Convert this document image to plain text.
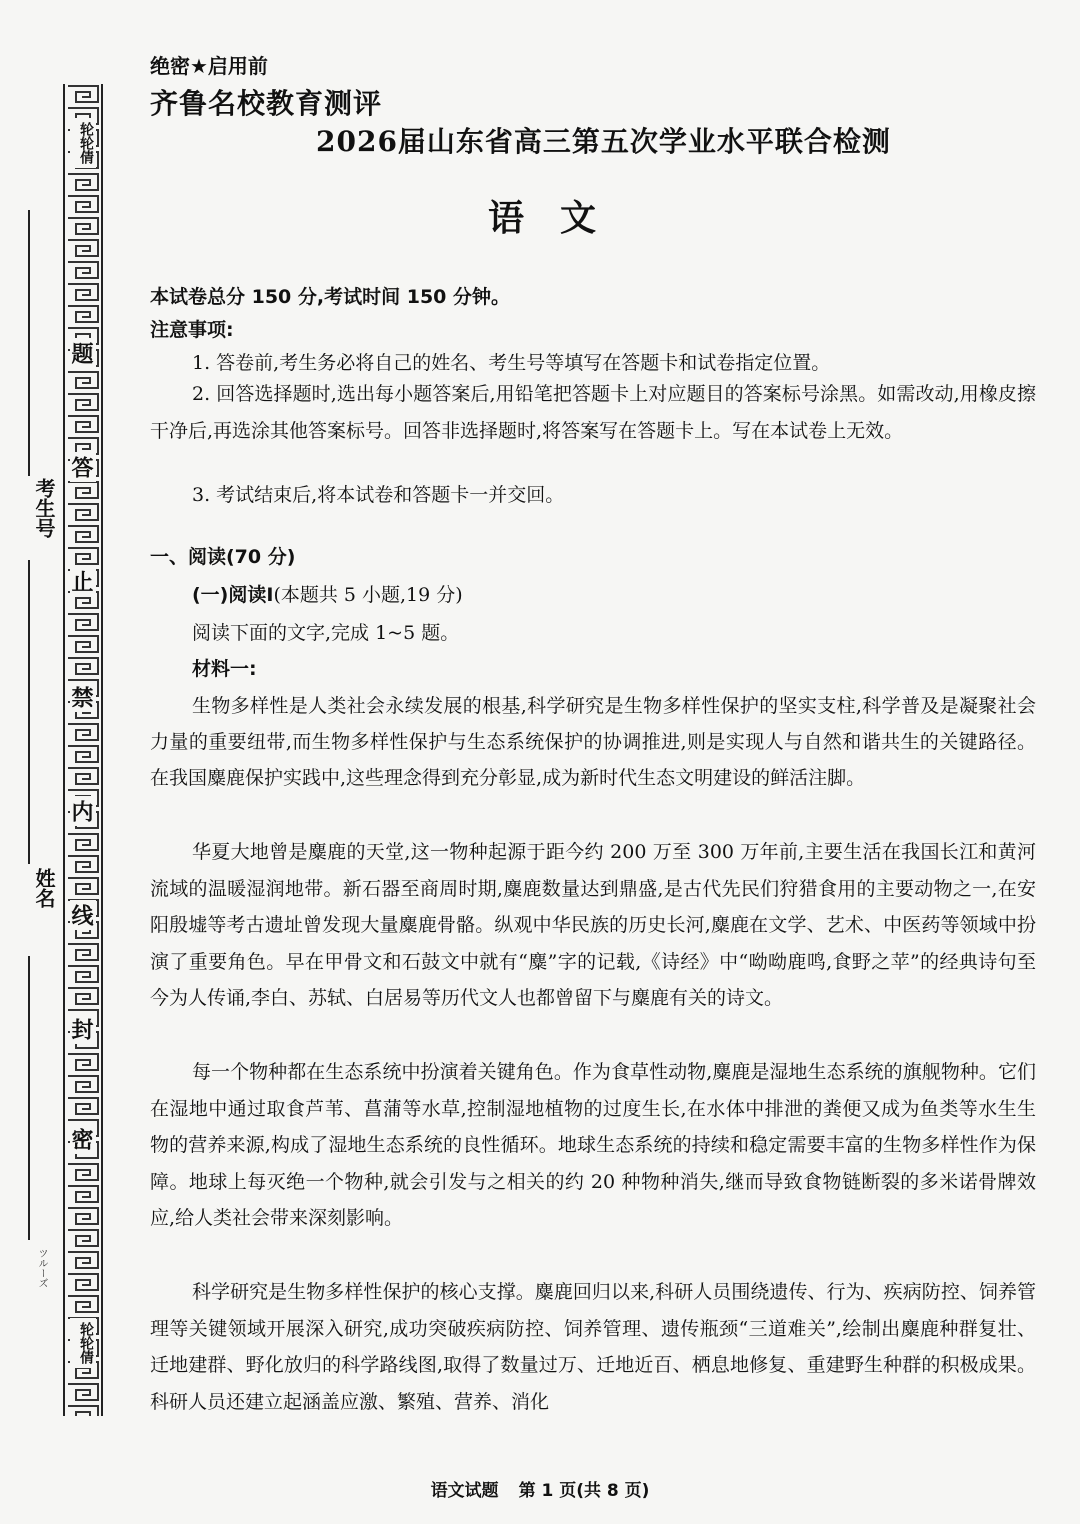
轮轮倩
轮轮倩
题
答
止
禁
内
线
封
密
考生号
姓名
ツルーズ
绝密★启用前
齐鲁名校教育测评
2026届山东省高三第五次学业水平联合检测
语文
本试卷总分 150 分,考试时间 150 分钟。
注意事项:
1. 答卷前,考生务必将自己的姓名、考生号等填写在答题卡和试卷指定位置。
2. 回答选择题时,选出每小题答案后,用铅笔把答题卡上对应题目的答案标号涂黑。如需改动,用橡皮擦干净后,再选涂其他答案标号。回答非选择题时,将答案写在答题卡上。写在本试卷上无效。
3. 考试结束后,将本试卷和答题卡一并交回。
一、阅读(70 分)
(一)阅读Ⅰ(本题共 5 小题,19 分)
阅读下面的文字,完成 1~5 题。
材料一:
生物多样性是人类社会永续发展的根基,科学研究是生物多样性保护的坚实支柱,科学普及是凝聚社会力量的重要纽带,而生物多样性保护与生态系统保护的协调推进,则是实现人与自然和谐共生的关键路径。在我国麋鹿保护实践中,这些理念得到充分彰显,成为新时代生态文明建设的鲜活注脚。
华夏大地曾是麋鹿的天堂,这一物种起源于距今约 200 万至 300 万年前,主要生活在我国长江和黄河流域的温暖湿润地带。新石器至商周时期,麋鹿数量达到鼎盛,是古代先民们狩猎食用的主要动物之一,在安阳殷墟等考古遗址曾发现大量麋鹿骨骼。纵观中华民族的历史长河,麋鹿在文学、艺术、中医药等领域中扮演了重要角色。早在甲骨文和石鼓文中就有“麋”字的记载,《诗经》中“呦呦鹿鸣,食野之苹”的经典诗句至今为人传诵,李白、苏轼、白居易等历代文人也都曾留下与麋鹿有关的诗文。
每一个物种都在生态系统中扮演着关键角色。作为食草性动物,麋鹿是湿地生态系统的旗舰物种。它们在湿地中通过取食芦苇、菖蒲等水草,控制湿地植物的过度生长,在水体中排泄的粪便又成为鱼类等水生生物的营养来源,构成了湿地生态系统的良性循环。地球生态系统的持续和稳定需要丰富的生物多样性作为保障。地球上每灭绝一个物种,就会引发与之相关的约 20 种物种消失,继而导致食物链断裂的多米诺骨牌效应,给人类社会带来深刻影响。
科学研究是生物多样性保护的核心支撑。麋鹿回归以来,科研人员围绕遗传、行为、疾病防控、饲养管理等关键领域开展深入研究,成功突破疾病防控、饲养管理、遗传瓶颈“三道难关”,绘制出麋鹿种群复壮、迁地建群、野化放归的科学路线图,取得了数量过万、迁地近百、栖息地修复、重建野生种群的积极成果。科研人员还建立起涵盖应激、繁殖、营养、消化
语文试题 第 1 页(共 8 页)
